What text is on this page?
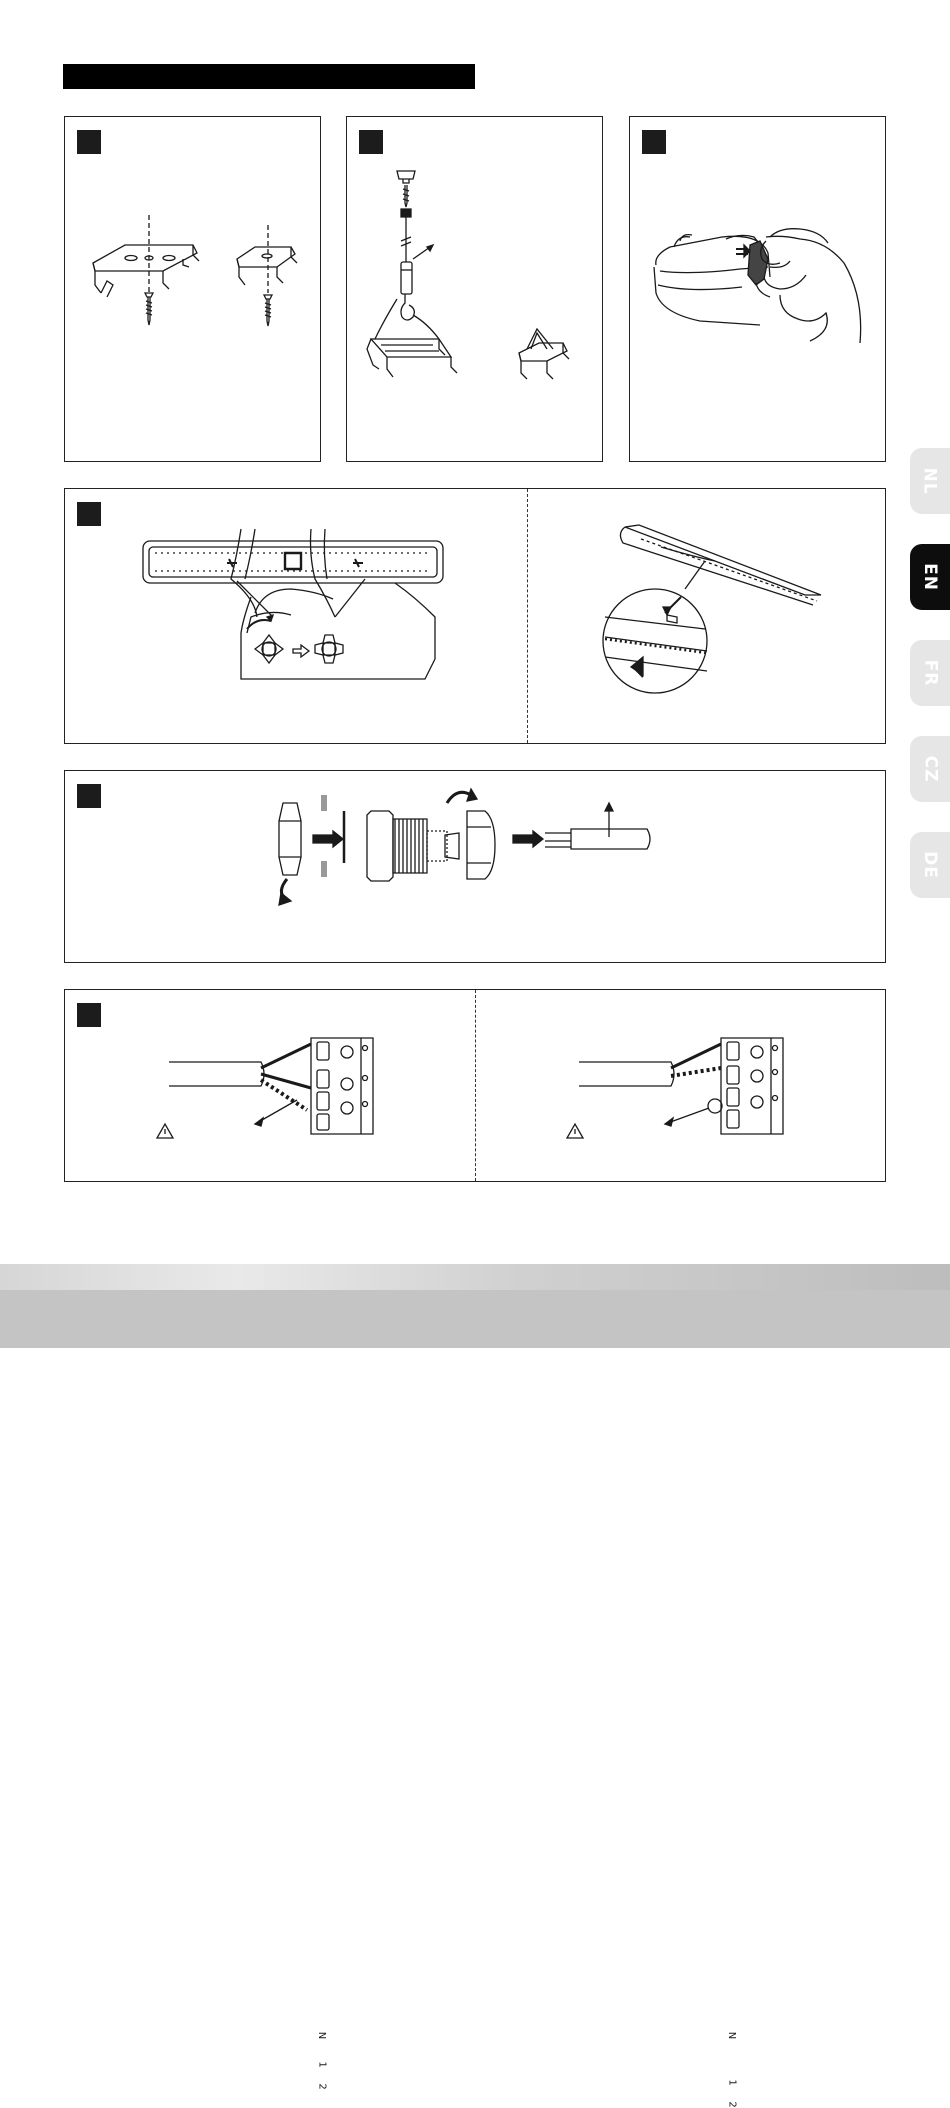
N
1
2
N
1
2
NL
EN
FR
CZ
DE
